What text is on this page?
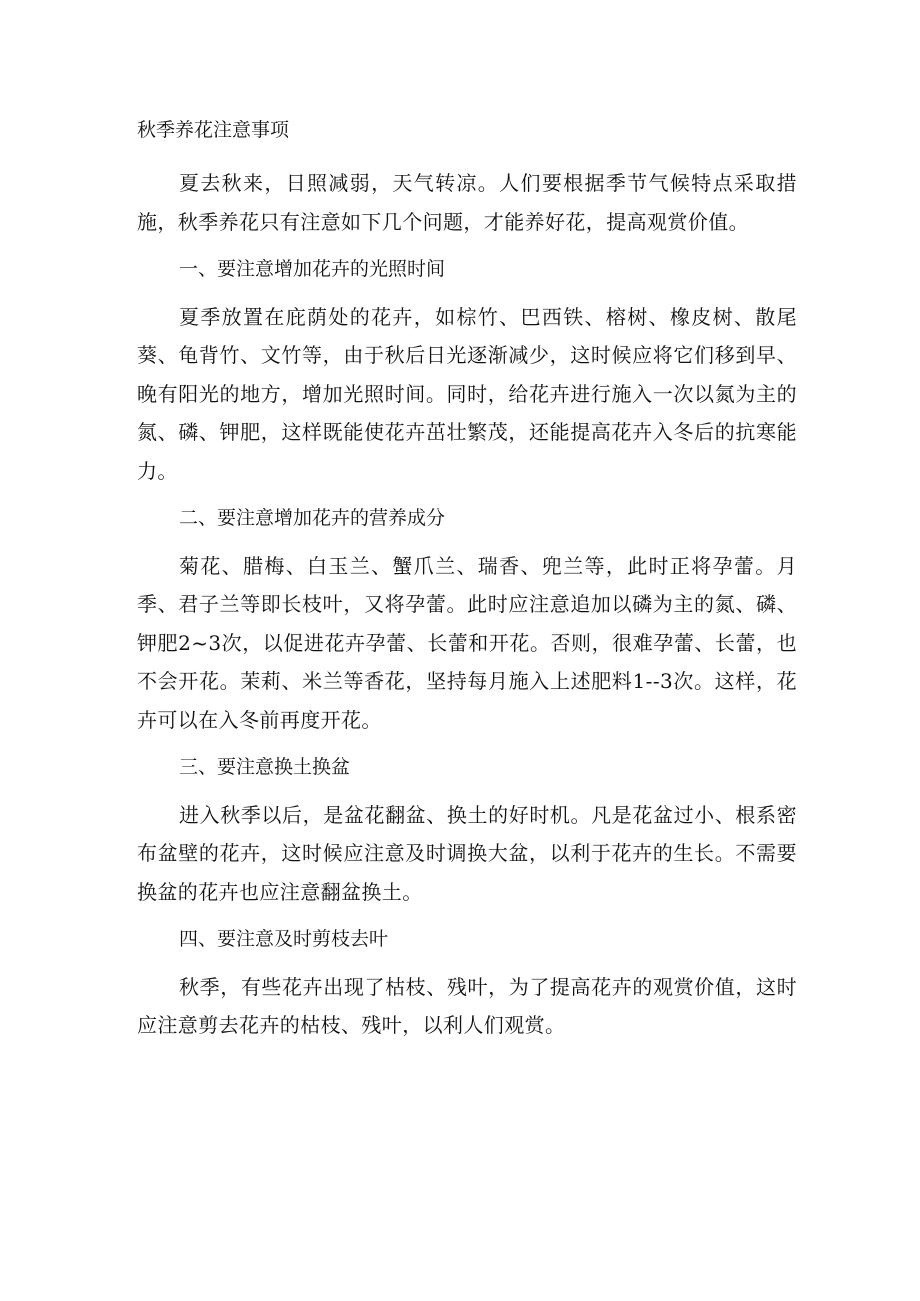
秋季养花注意事项

夏去秋来，日照减弱，天气转凉。人们要根据季节气候特点采取措施，秋季养花只有注意如下几个问题，才能养好花，提高观赏价值。

一、要注意增加花卉的光照时间

夏季放置在庇荫处的花卉，如棕竹、巴西铁、榕树、橡皮树、散尾葵、龟背竹、文竹等，由于秋后日光逐渐减少，这时候应将它们移到早、晚有阳光的地方，增加光照时间。同时，给花卉进行施入一次以氮为主的氮、磷、钾肥，这样既能使花卉茁壮繁茂，还能提高花卉入冬后的抗寒能力。

二、要注意增加花卉的营养成分

菊花、腊梅、白玉兰、蟹爪兰、瑞香、兜兰等，此时正将孕蕾。月季、君子兰等即长枝叶，又将孕蕾。此时应注意追加以磷为主的氮、磷、钾肥2~3次，以促进花卉孕蕾、长蕾和开花。否则，很难孕蕾、长蕾，也不会开花。茉莉、米兰等香花，坚持每月施入上述肥料1--3次。这样，花卉可以在入冬前再度开花。

三、要注意换土换盆

进入秋季以后，是盆花翻盆、换土的好时机。凡是花盆过小、根系密布盆壁的花卉，这时候应注意及时调换大盆，以利于花卉的生长。不需要换盆的花卉也应注意翻盆换土。

四、要注意及时剪枝去叶

秋季，有些花卉出现了枯枝、残叶，为了提高花卉的观赏价值，这时应注意剪去花卉的枯枝、残叶，以利人们观赏。
